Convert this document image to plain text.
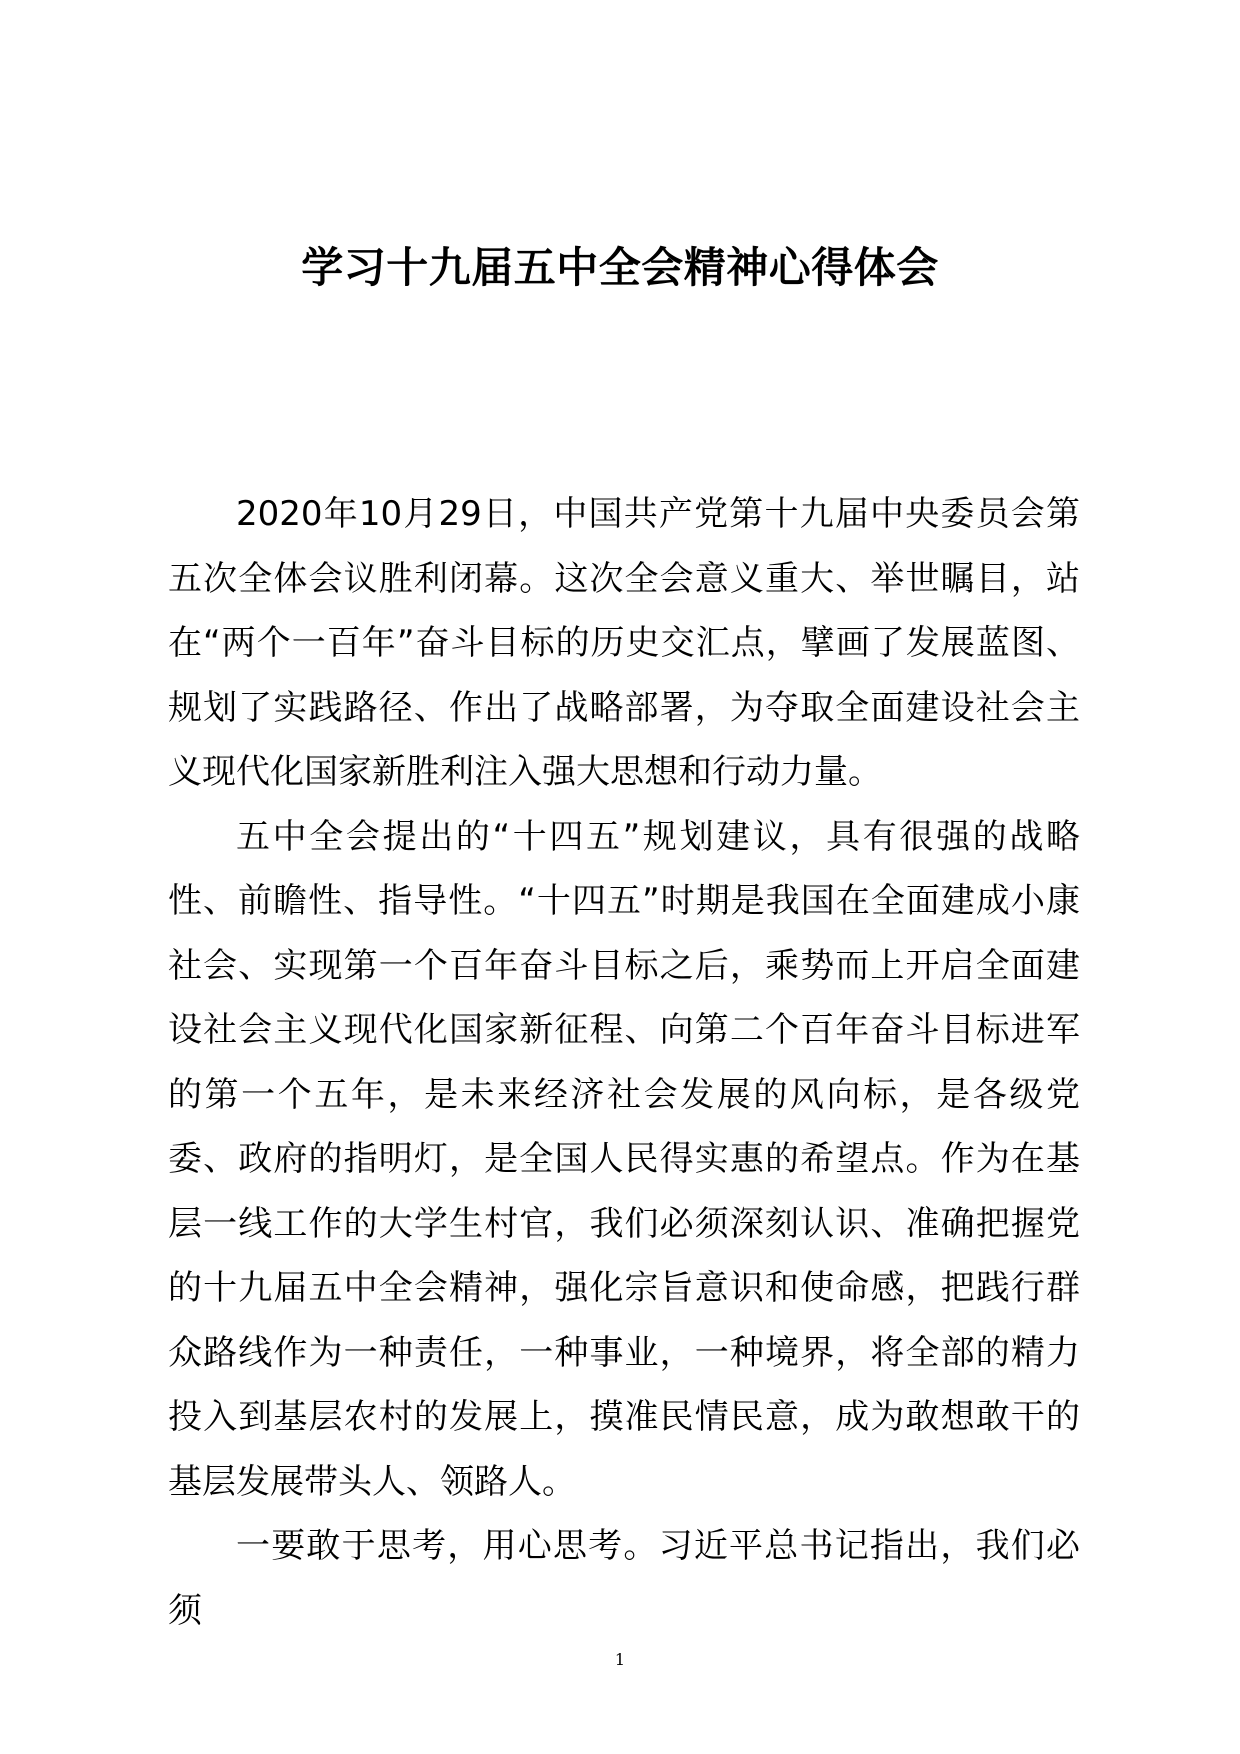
学习十九届五中全会精神心得体会

2020年10月29日，中国共产党第十九届中央委员会第五次全体会议胜利闭幕。这次全会意义重大、举世瞩目，站在“两个一百年”奋斗目标的历史交汇点，擘画了发展蓝图、规划了实践路径、作出了战略部署，为夺取全面建设社会主义现代化国家新胜利注入强大思想和行动力量。

五中全会提出的“十四五”规划建议，具有很强的战略性、前瞻性、指导性。“十四五”时期是我国在全面建成小康社会、实现第一个百年奋斗目标之后，乘势而上开启全面建设社会主义现代化国家新征程、向第二个百年奋斗目标进军的第一个五年，是未来经济社会发展的风向标，是各级党委、政府的指明灯，是全国人民得实惠的希望点。作为在基层一线工作的大学生村官，我们必须深刻认识、准确把握党的十九届五中全会精神，强化宗旨意识和使命感，把践行群众路线作为一种责任，一种事业，一种境界，将全部的精力投入到基层农村的发展上，摸准民情民意，成为敢想敢干的基层发展带头人、领路人。

一要敢于思考，用心思考。习近平总书记指出，我们必须

1
